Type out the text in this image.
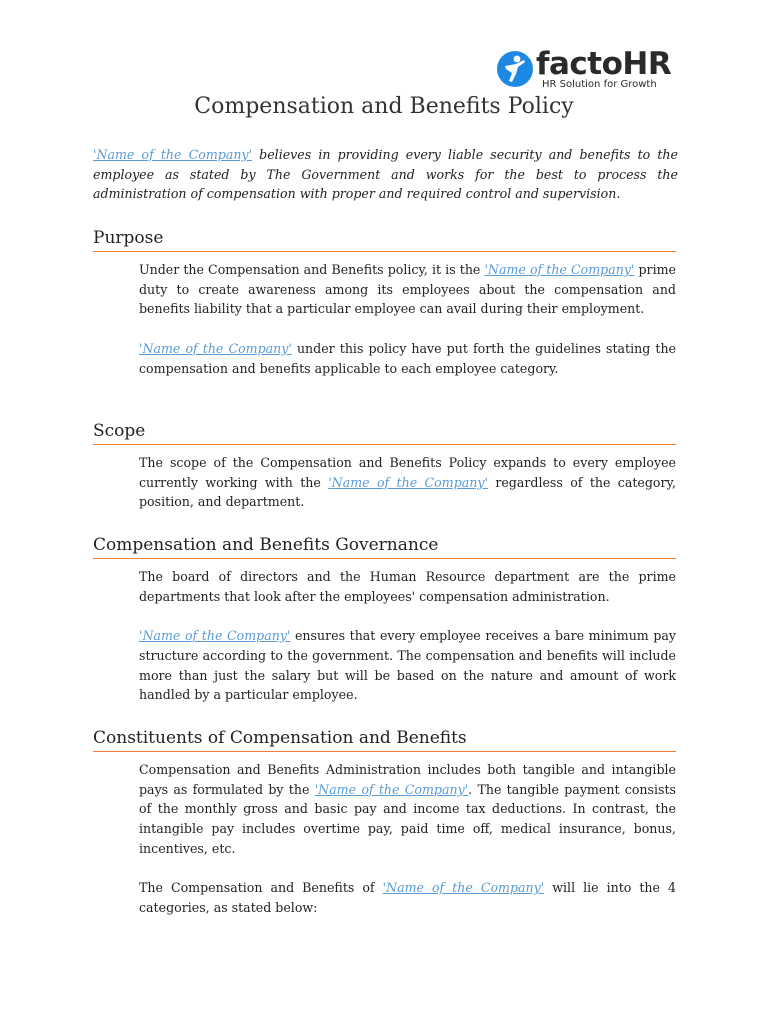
factoHR
HR Solution for Growth
Compensation and Benefits Policy
'Name of the Company' believes in providing every liable security and benefits to the employee as stated by The Government and works for the best to process the administration of compensation with proper and required control and supervision.
Purpose

Under the Compensation and Benefits policy, it is the 'Name of the Company' prime duty to create awareness among its employees about the compensation and benefits liability that a particular employee can avail during their employment.

'Name of the Company' under this policy have put forth the guidelines stating the compensation and benefits applicable to each employee category.

Scope

The scope of the Compensation and Benefits Policy expands to every employee currently working with the 'Name of the Company' regardless of the category, position, and department.

Compensation and Benefits Governance

The board of directors and the Human Resource department are the prime departments that look after the employees' compensation administration.

'Name of the Company' ensures that every employee receives a bare minimum pay structure according to the government. The compensation and benefits will include more than just the salary but will be based on the nature and amount of work handled by a particular employee.

Constituents of Compensation and Benefits

Compensation and Benefits Administration includes both tangible and intangible pays as formulated by the 'Name of the Company'. The tangible payment consists of the monthly gross and basic pay and income tax deductions. In contrast, the intangible pay includes overtime pay, paid time off, medical insurance, bonus, incentives, etc.

The Compensation and Benefits of 'Name of the Company' will lie into the 4 categories, as stated below:
